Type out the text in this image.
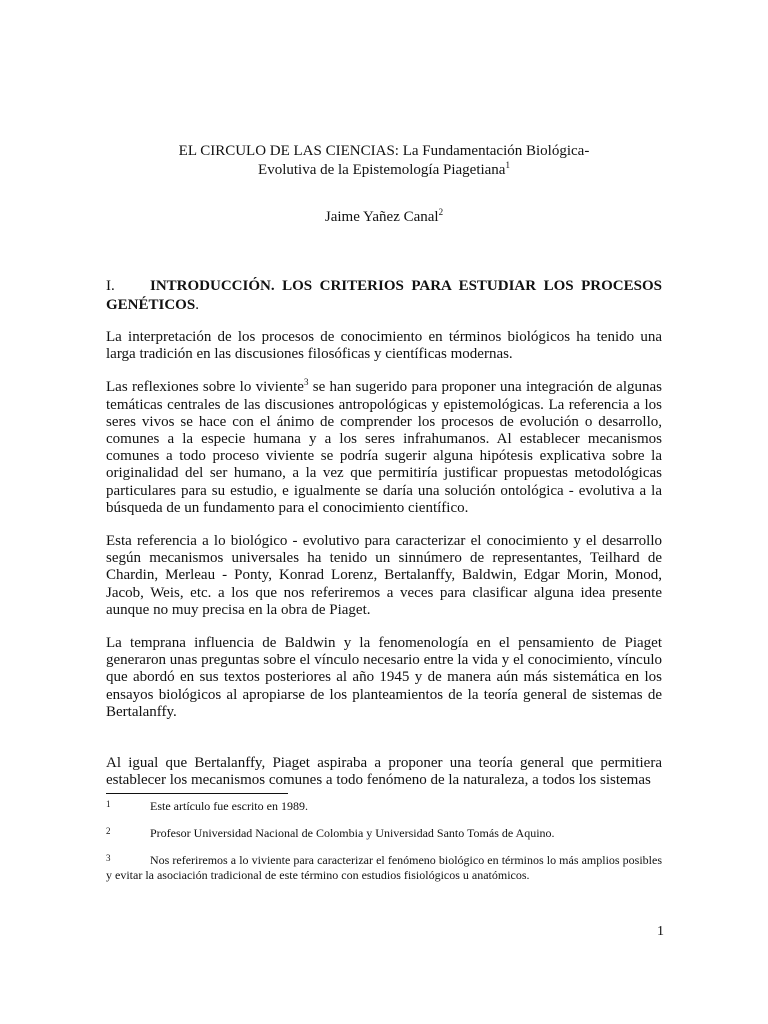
EL CIRCULO DE LAS CIENCIAS: La Fundamentación Biológica-
Evolutiva de la Epistemología Piagetiana$^1$
Jaime Yañez Canal$^2$
I. INTRODUCCIÓN. LOS CRITERIOS PARA ESTUDIAR LOS PROCESOS GENÉTICOS.

La interpretación de los procesos de conocimiento en términos biológicos ha tenido una larga tradición en las discusiones filosóficas y científicas modernas.

Las reflexiones sobre lo viviente$^3$ se han sugerido para proponer una integración de algunas temáticas centrales de las discusiones antropológicas y epistemológicas. La referencia a los seres vivos se hace con el ánimo de comprender los procesos de evolución o desarrollo, comunes a la especie humana y a los seres infrahumanos. Al establecer mecanismos comunes a todo proceso viviente se podría sugerir alguna hipótesis explicativa sobre la originalidad del ser humano, a la vez que permitiría justificar propuestas metodológicas particulares para su estudio, e igualmente se daría una solución ontológica - evolutiva a la búsqueda de un fundamento para el conocimiento científico.

Esta referencia a lo biológico - evolutivo para caracterizar el conocimiento y el desarrollo según mecanismos universales ha tenido un sinnúmero de representantes, Teilhard de Chardin, Merleau - Ponty, Konrad Lorenz, Bertalanffy, Baldwin, Edgar Morin, Monod, Jacob, Weis, etc. a los que nos referiremos a veces para clasificar alguna idea presente aunque no muy precisa en la obra de Piaget.

La temprana influencia de Baldwin y la fenomenología en el pensamiento de Piaget generaron unas preguntas sobre el vínculo necesario entre la vida y el conocimiento, vínculo que abordó en sus textos posteriores al año 1945 y de manera aún más sistemática en los ensayos biológicos al apropiarse de los planteamientos de la teoría general de sistemas de Bertalanffy.

Al igual que Bertalanffy, Piaget aspiraba a proponer una teoría general que permitiera establecer los mecanismos comunes a todo fenómeno de la naturaleza, a todos los sistemas

1	Este artículo fue escrito en 1989.

2	Profesor Universidad Nacional de Colombia y Universidad Santo Tomás de Aquino.

3	Nos referiremos a lo viviente para caracterizar el fenómeno biológico en términos lo más amplios posibles y evitar la asociación tradicional de este término con estudios fisiológicos u anatómicos.

1
